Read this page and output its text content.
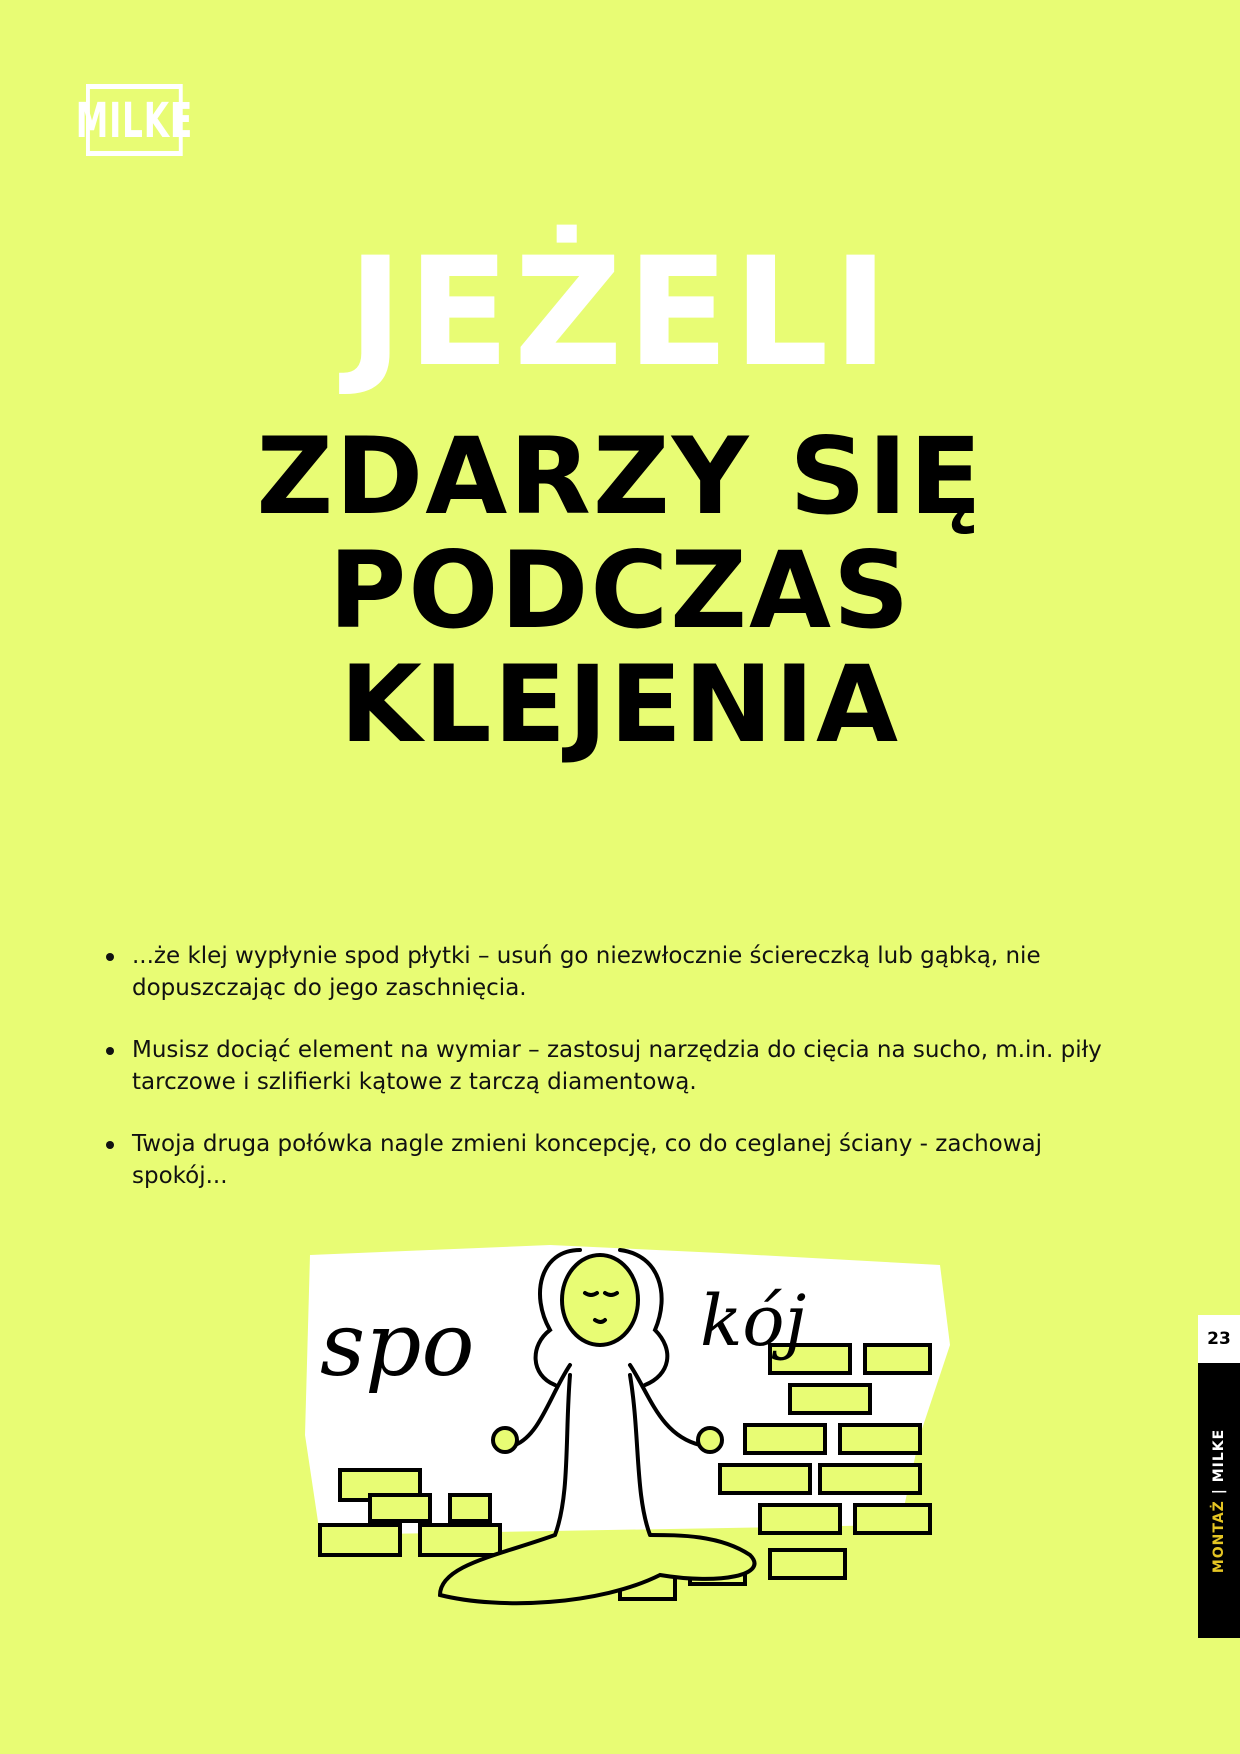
MILKE
JEŻELI
ZDARZY SIĘ
PODCZAS
KLEJENIA
...że klej wypłynie spod płytki – usuń go niezwłocznie ściereczką lub gąbką, nie dopuszczając do jego zaschnięcia.
Musisz dociąć element na wymiar – zastosuj narzędzia do cięcia na sucho, m.in. piły tarczowe i szlifierki kątowe z tarczą diamentową.
Twoja druga połówka nagle zmieni koncepcję, co do ceglanej ściany - zachowaj spokój...
spo	kój	23
MONTAŻ | MILKE
